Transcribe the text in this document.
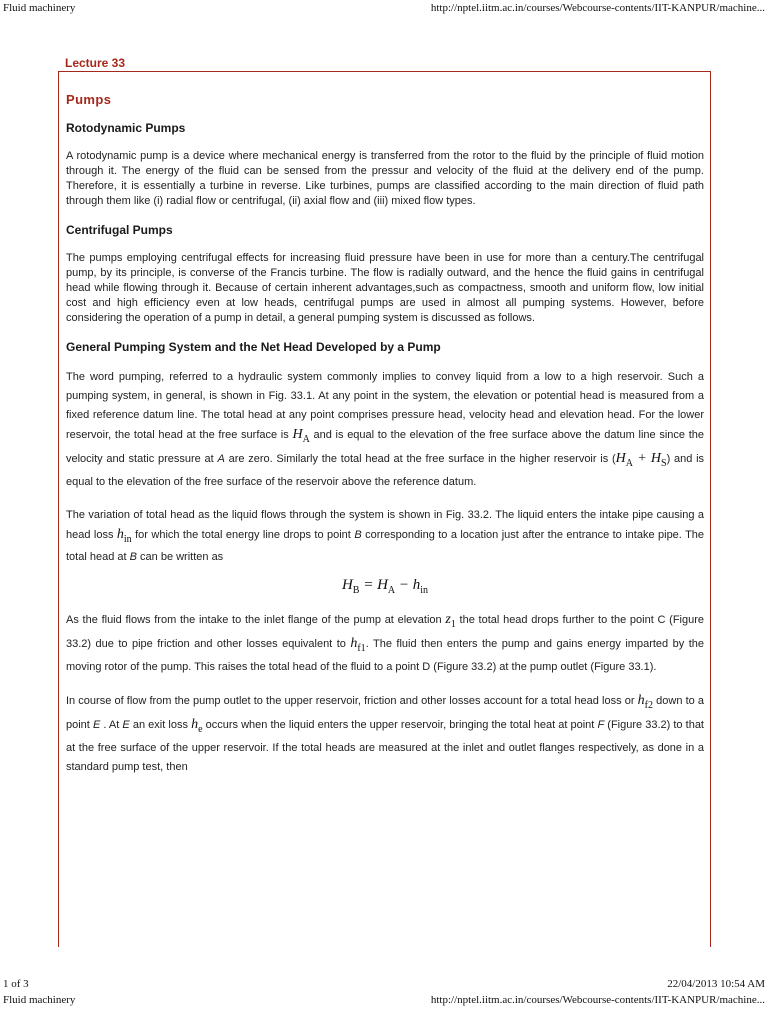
Fluid machinery	http://nptel.iitm.ac.in/courses/Webcourse-contents/IIT-KANPUR/machine...
Lecture 33
Pumps
Rotodynamic Pumps

A rotodynamic pump is a device where mechanical energy is transferred from the rotor to the fluid by the principle of fluid motion through it. The energy of the fluid can be sensed from the pressur and velocity of the fluid at the delivery end of the pump. Therefore, it is essentially a turbine in reverse. Like turbines, pumps are classified according to the main direction of fluid path through them like (i) radial flow or centrifugal, (ii) axial flow and (iii) mixed flow types.

Centrifugal Pumps

The pumps employing centrifugal effects for increasing fluid pressure have been in use for more than a century.The centrifugal pump, by its principle, is converse of the Francis turbine. The flow is radially outward, and the hence the fluid gains in centrifugal head while flowing through it. Because of certain inherent advantages,such as compactness, smooth and uniform flow, low initial cost and high efficiency even at low heads, centrifugal pumps are used in almost all pumping systems. However, before considering the operation of a pump in detail, a general pumping system is discussed as follows.

General Pumping System and the Net Head Developed by a Pump

The word pumping, referred to a hydraulic system commonly implies to convey liquid from a low to a high reservoir. Such a pumping system, in general, is shown in Fig. 33.1. At any point in the system, the elevation or potential head is measured from a fixed reference datum line. The total head at any point comprises pressure head, velocity head and elevation head. For the lower reservoir, the total head at the free surface is $H_A$ and is equal to the elevation of the free surface above the datum line since the velocity and static pressure at A are zero. Similarly the total head at the free surface in the higher reservoir is $(H_A + H_S)$ and is equal to the elevation of the free surface of the reservoir above the reference datum.

The variation of total head as the liquid flows through the system is shown in Fig. 33.2. The liquid enters the intake pipe causing a head loss $h_{in}$ for which the total energy line drops to point B corresponding to a location just after the entrance to intake pipe. The total head at B can be written as

$H_B = H_A - h_{in}$

As the fluid flows from the intake to the inlet flange of the pump at elevation $z_1$ the total head drops further to the point C (Figure 33.2) due to pipe friction and other losses equivalent to $h_{f1}$. The fluid then enters the pump and gains energy imparted by the moving rotor of the pump. This raises the total head of the fluid to a point D (Figure 33.2) at the pump outlet (Figure 33.1).

In course of flow from the pump outlet to the upper reservoir, friction and other losses account for a total head loss or $h_{f2}$ down to a point E . At E an exit loss $h_e$ occurs when the liquid enters the upper reservoir, bringing the total heat at point F (Figure 33.2) to that at the free surface of the upper reservoir. If the total heads are measured at the inlet and outlet flanges respectively, as done in a standard pump test, then

1 of 3	22/04/2013 10:54 AM
Fluid machinery	http://nptel.iitm.ac.in/courses/Webcourse-contents/IIT-KANPUR/machine...
